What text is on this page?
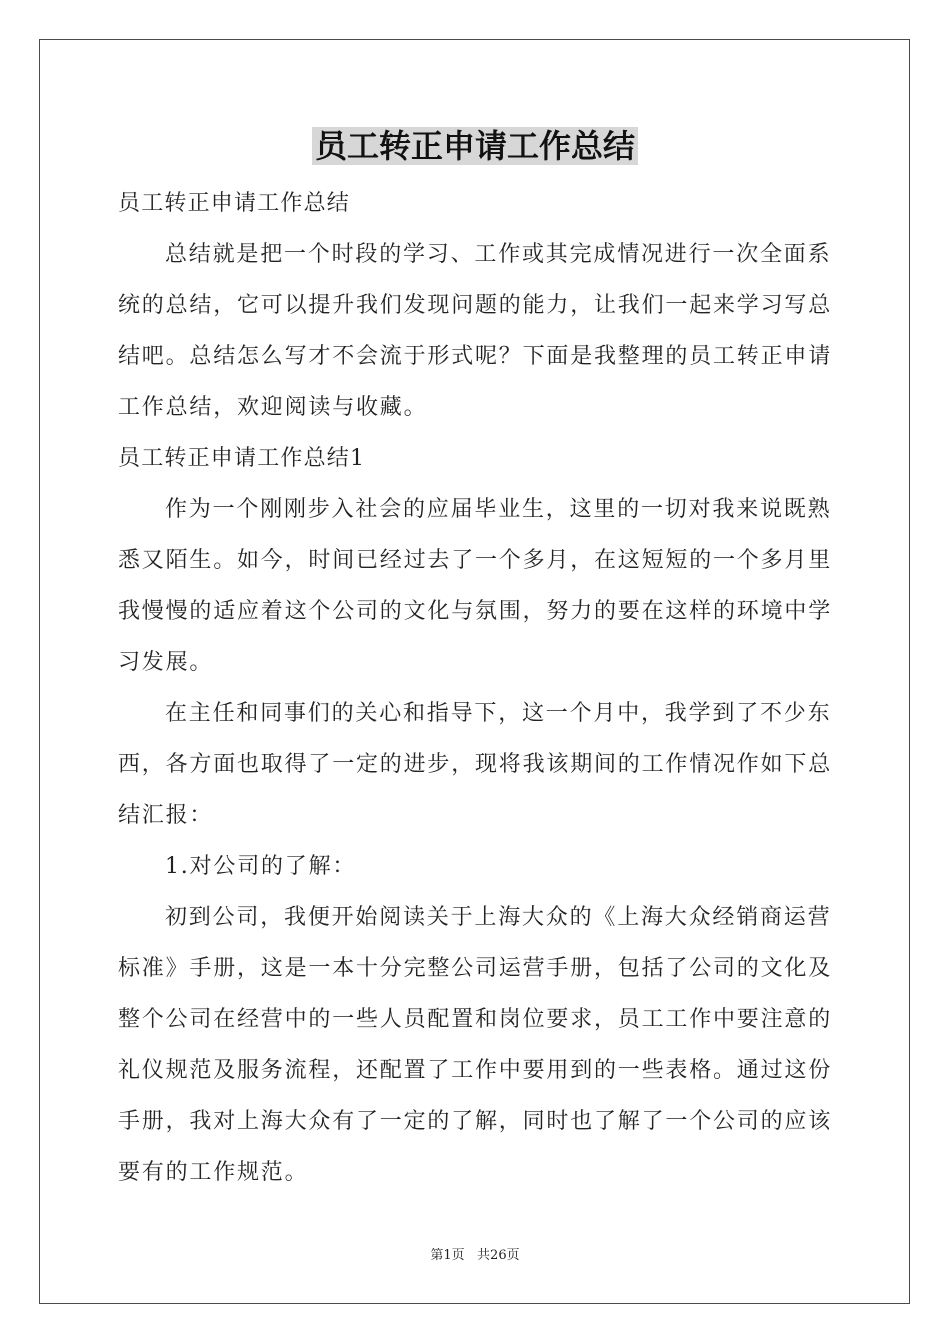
员工转正申请工作总结

员工转正申请工作总结

总结就是把一个时段的学习、工作或其完成情况进行一次全面系统的总结，它可以提升我们发现问题的能力，让我们一起来学习写总结吧。总结怎么写才不会流于形式呢？下面是我整理的员工转正申请工作总结，欢迎阅读与收藏。

员工转正申请工作总结1

作为一个刚刚步入社会的应届毕业生，这里的一切对我来说既熟悉又陌生。如今，时间已经过去了一个多月，在这短短的一个多月里我慢慢的适应着这个公司的文化与氛围，努力的要在这样的环境中学习发展。

在主任和同事们的关心和指导下，这一个月中，我学到了不少东西，各方面也取得了一定的进步，现将我该期间的工作情况作如下总结汇报：

1.对公司的了解：

初到公司，我便开始阅读关于上海大众的《上海大众经销商运营标准》手册，这是一本十分完整公司运营手册，包括了公司的文化及整个公司在经营中的一些人员配置和岗位要求，员工工作中要注意的礼仪规范及服务流程，还配置了工作中要用到的一些表格。通过这份手册，我对上海大众有了一定的了解，同时也了解了一个公司的应该要有的工作规范。

第1页   共26页
